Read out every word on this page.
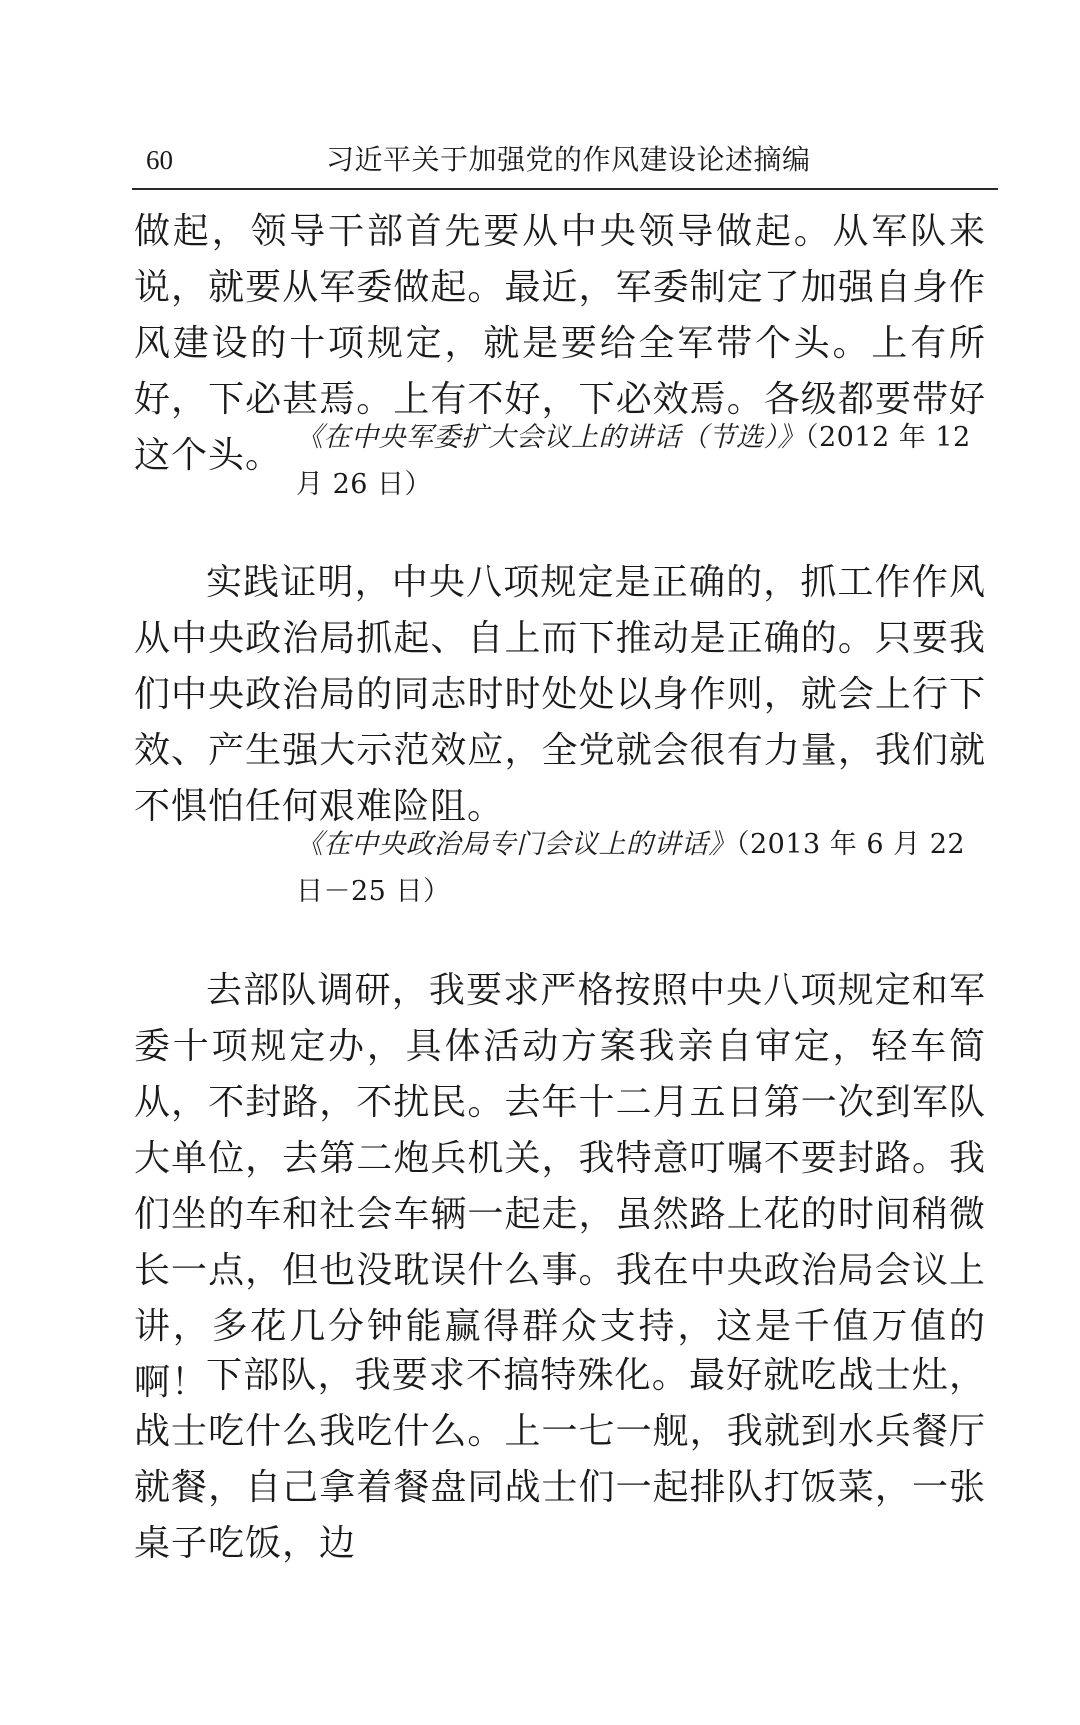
60	习近平关于加强党的作风建设论述摘编

做起，领导干部首先要从中央领导做起。从军队来说，就要从军委做起。最近，军委制定了加强自身作风建设的十项规定，就是要给全军带个头。上有所好，下必甚焉。上有不好，下必效焉。各级都要带好这个头。 《在中央军委扩大会议上的讲话（节选）》（2012 年 12 月 26 日）

实践证明，中央八项规定是正确的，抓工作作风从中央政治局抓起、自上而下推动是正确的。只要我们中央政治局的同志时时处处以身作则，就会上行下效、产生强大示范效应，全党就会很有力量，我们就不惧怕任何艰难险阻。

《在中央政治局专门会议上的讲话》（2013 年 6 月 22 日－25 日）

去部队调研，我要求严格按照中央八项规定和军委十项规定办，具体活动方案我亲自审定，轻车简从，不封路，不扰民。去年十二月五日第一次到军队大单位，去第二炮兵机关，我特意叮嘱不要封路。我们坐的车和社会车辆一起走，虽然路上花的时间稍微长一点，但也没耽误什么事。我在中央政治局会议上讲，多花几分钟能赢得群众支持，这是千值万值的啊！

下部队，我要求不搞特殊化。最好就吃战士灶，战士吃什么我吃什么。上一七一舰，我就到水兵餐厅就餐，自己拿着餐盘同战士们一起排队打饭菜，一张桌子吃饭，边
